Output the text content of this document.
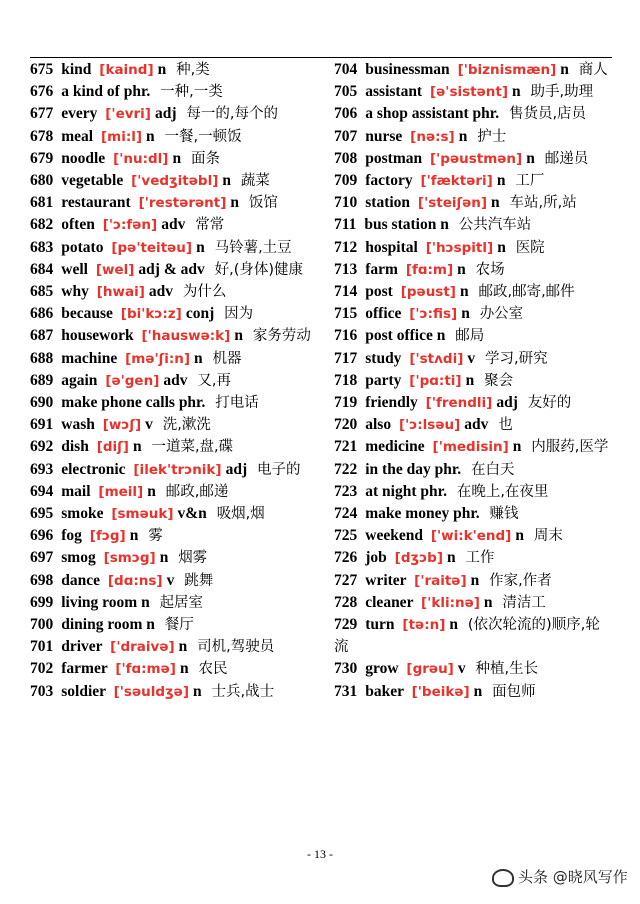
675 kind [kaind] n 种,类
676 a kind of phr. 一种,一类
677 every ['evri] adj 每一的,每个的
678 meal [mi:l] n 一餐,一顿饭
679 noodle ['nu:dl] n 面条
680 vegetable ['vedʒitəbl] n 蔬菜
681 restaurant ['restərənt] n 饭馆
682 often ['ɔ:fən] adv 常常
683 potato [pə'teitəu] n 马铃薯,土豆
684 well [wel] adj & adv 好,(身体)健康
685 why [hwai] adv 为什么
686 because [bi'kɔ:z] conj 因为
687 housework ['hauswə:k] n 家务劳动
688 machine [mə'ʃi:n] n 机器
689 again [ə'gen] adv 又,再
690 make phone calls phr. 打电话
691 wash [wɔʃ] v 洗,漱洗
692 dish [diʃ] n 一道菜,盘,碟
693 electronic [ilek'trɔnik] adj 电子的
694 mail [meil] n 邮政,邮递
695 smoke [sməuk] v&n 吸烟,烟
696 fog [fɔg] n 雾
697 smog [smɔg] n 烟雾
698 dance [dɑ:ns] v 跳舞
699 living room n 起居室
700 dining room n 餐厅
701 driver ['draivə] n 司机,驾驶员
702 farmer ['fɑ:mə] n 农民
703 soldier ['səuldʒə] n 士兵,战士
704 businessman ['biznismæn] n 商人
705 assistant [ə'sistənt] n 助手,助理
706 a shop assistant phr. 售货员,店员
707 nurse [nə:s] n 护士
708 postman ['pəustmən] n 邮递员
709 factory ['fæktəri] n 工厂
710 station ['steiʃən] n 车站,所,站
711 bus station n 公共汽车站
712 hospital ['hɔspitl] n 医院
713 farm [fɑ:m] n 农场
714 post [pəust] n 邮政,邮寄,邮件
715 office ['ɔ:fis] n 办公室
716 post office n 邮局
717 study ['stʌdi] v 学习,研究
718 party ['pɑ:ti] n 聚会
719 friendly ['frendli] adj 友好的
720 also ['ɔ:lsəu] adv 也
721 medicine ['medisin] n 内服药,医学
722 in the day phr. 在白天
723 at night phr. 在晚上,在夜里
724 make money phr. 赚钱
725 weekend ['wi:k'end] n 周末
726 job [dʒɔb] n 工作
727 writer ['raitə] n 作家,作者
728 cleaner ['kli:nə] n 清洁工
729 turn [tə:n] n (依次轮流的)顺序,轮流
730 grow [grəu] v 种植,生长
731 baker ['beikə] n 面包师
- 13 -
头条 @晓风写作
